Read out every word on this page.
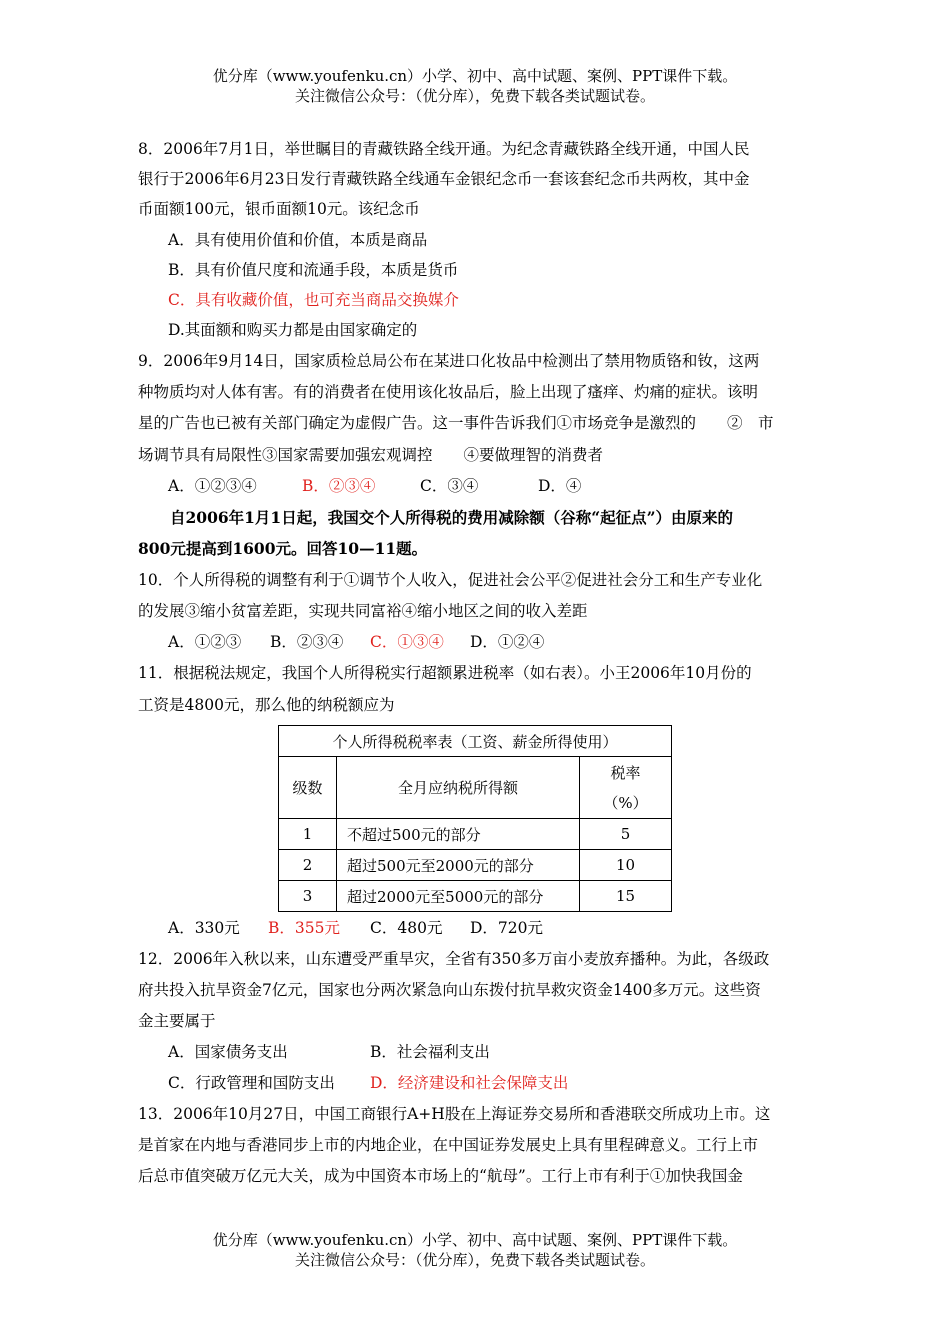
优分库（www.youfenku.cn）小学、初中、高中试题、案例、PPT课件下载。
关注微信公众号：（优分库），免费下载各类试题试卷。
8．2006年7月1日，举世瞩目的青藏铁路全线开通。为纪念青藏铁路全线开通，中国人民
银行于2006年6月23日发行青藏铁路全线通车金银纪念币一套该套纪念币共两枚，其中金
币面额100元，银币面额10元。该纪念币
A．具有使用价值和价值，本质是商品
B．具有价值尺度和流通手段，本质是货币
C．具有收藏价值，也可充当商品交换媒介
D.其面额和购买力都是由国家确定的
9．2006年9月14日，国家质检总局公布在某进口化妆品中检测出了禁用物质铬和钕，这两
种物质均对人体有害。有的消费者在使用该化妆品后，脸上出现了瘙痒、灼痛的症状。该明
星的广告也已被有关部门确定为虚假广告。这一事件告诉我们①市场竞争是激烈的　　②　市
场调节具有局限性③国家需要加强宏观调控　　④要做理智的消费者
A．①②③④	B．②③④	C．③④	D．④
自2006年1月1日起，我国交个人所得税的费用减除额（谷称“起征点”）由原来的
800元提高到1600元。回答10—11题。
10．个人所得税的调整有利于①调节个人收入，促进社会公平②促进社会分工和生产专业化
的发展③缩小贫富差距，实现共同富裕④缩小地区之间的收入差距
A．①②③ B．②③④ C．①③④ D．①②④
11．根据税法规定，我国个人所得税实行超额累进税率（如右表）。小王2006年10月份的
工资是4800元，那么他的纳税额应为
个人所得税税率表（工资、薪金所得使用）		
级数	全月应纳税所得额	税率
（%）

1	不超过500元的部分	5
2	超过500元至2000元的部分	10
3	超过2000元至5000元的部分	15
A．330元 B．355元 C．480元 D．720元
12．2006年入秋以来，山东遭受严重旱灾，全省有350多万亩小麦放弃播种。为此，各级政
府共投入抗旱资金7亿元，国家也分两次紧急向山东拨付抗旱救灾资金1400多万元。这些资
金主要属于
A．国家债务支出	B．社会福利支出
C．行政管理和国防支出 D．经济建设和社会保障支出
13．2006年10月27日，中国工商银行A+H股在上海证券交易所和香港联交所成功上市。这
是首家在内地与香港同步上市的内地企业，在中国证券发展史上具有里程碑意义。工行上市
后总市值突破万亿元大关，成为中国资本市场上的“航母”。工行上市有利于①加快我国金
优分库（www.youfenku.cn）小学、初中、高中试题、案例、PPT课件下载。
关注微信公众号：（优分库），免费下载各类试题试卷。
